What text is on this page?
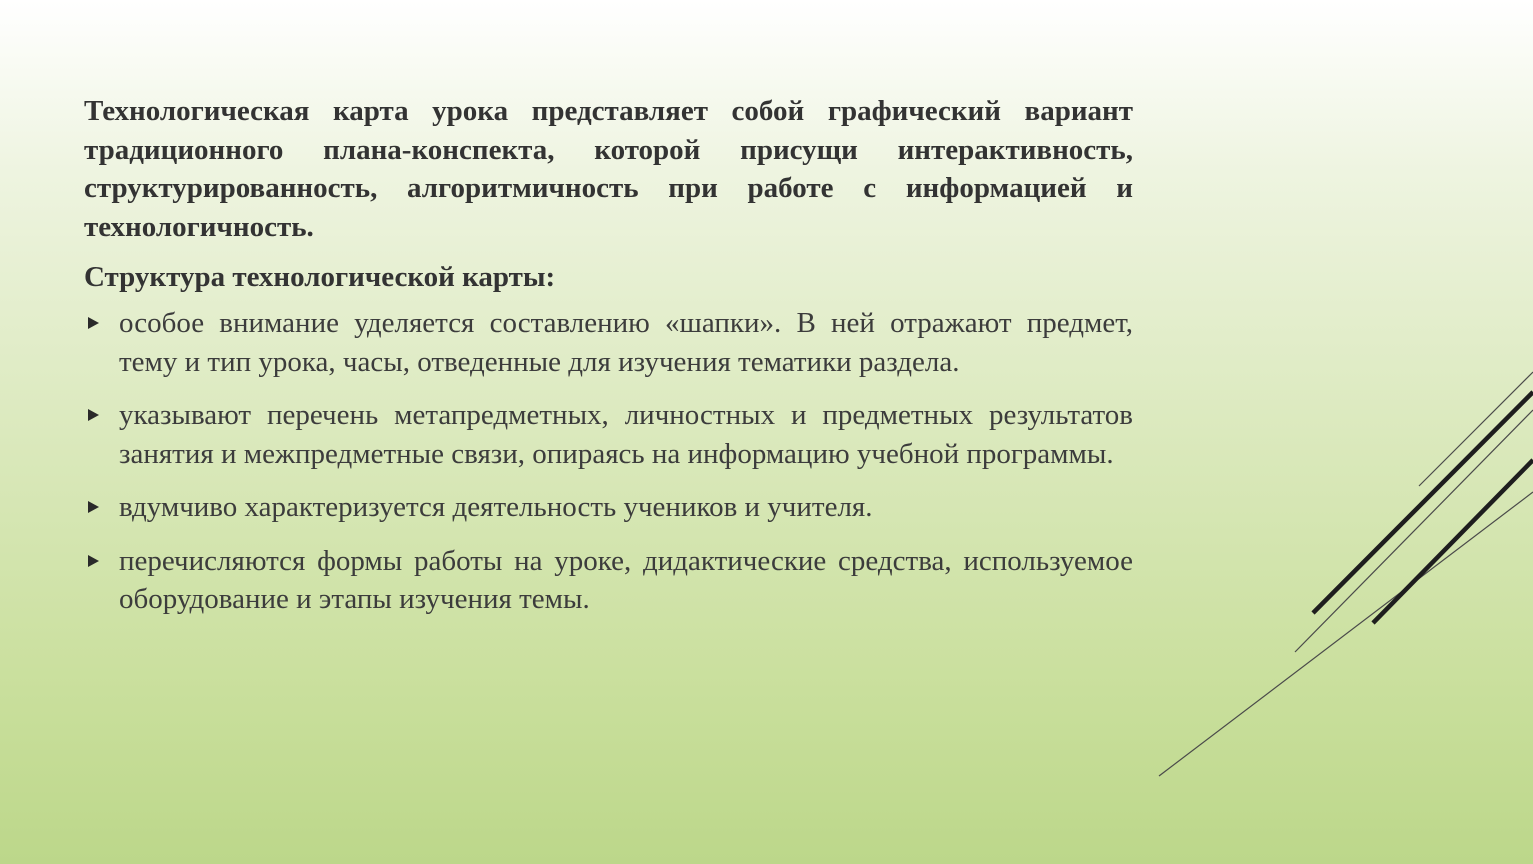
Технологическая карта урока представляет собой графический вариант традиционного плана-конспекта, которой присущи интерактивность, структурированность, алгоритмичность при работе с информацией и технологичность.

Структура технологической карты:

особое внимание уделяется составлению «шапки». В ней отражают предмет, тему и тип урока, часы, отведенные для изучения тематики раздела.
указывают перечень метапредметных, личностных и предметных результатов занятия и межпредметные связи, опираясь на информацию учебной программы.
вдумчиво характеризуется деятельность учеников и учителя.
перечисляются формы работы на уроке, дидактические средства, используемое оборудование и этапы изучения темы.
